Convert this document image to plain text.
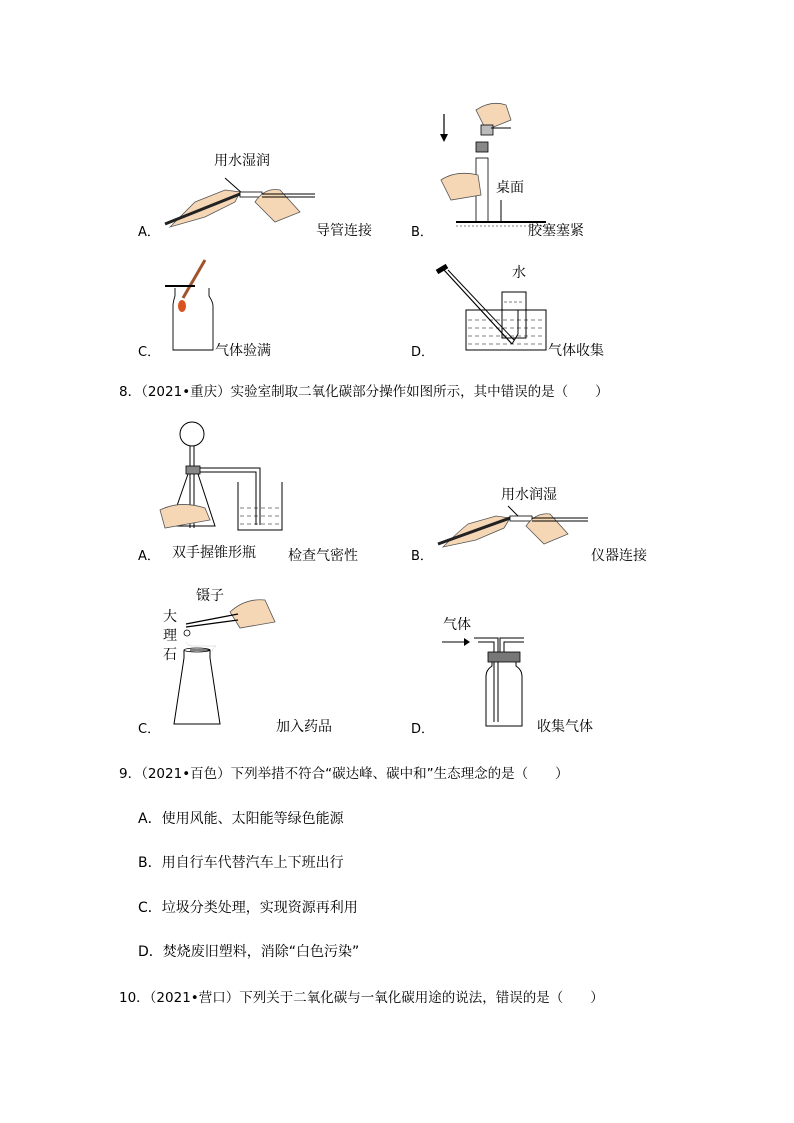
用水湿润
A．	导管连接
桌面
B．	胶塞塞紧
C．	气体验满
水
D．	气体收集
8．（2021•重庆）实验室制取二氧化碳部分操作如图所示，其中错误的是（　　）
A． 双手握锥形瓶 检查气密性
用水润湿
B．	仪器连接
镊子
大
理
石
C．	加入药品
气体
D．	收集气体
9．（2021•百色）下列举措不符合“碳达峰、碳中和”生态理念的是（　　）
A．使用风能、太阳能等绿色能源
B．用自行车代替汽车上下班出行
C．垃圾分类处理，实现资源再利用
D．焚烧废旧塑料，消除“白色污染”
10．（2021•营口）下列关于二氧化碳与一氧化碳用途的说法，错误的是（　　）
